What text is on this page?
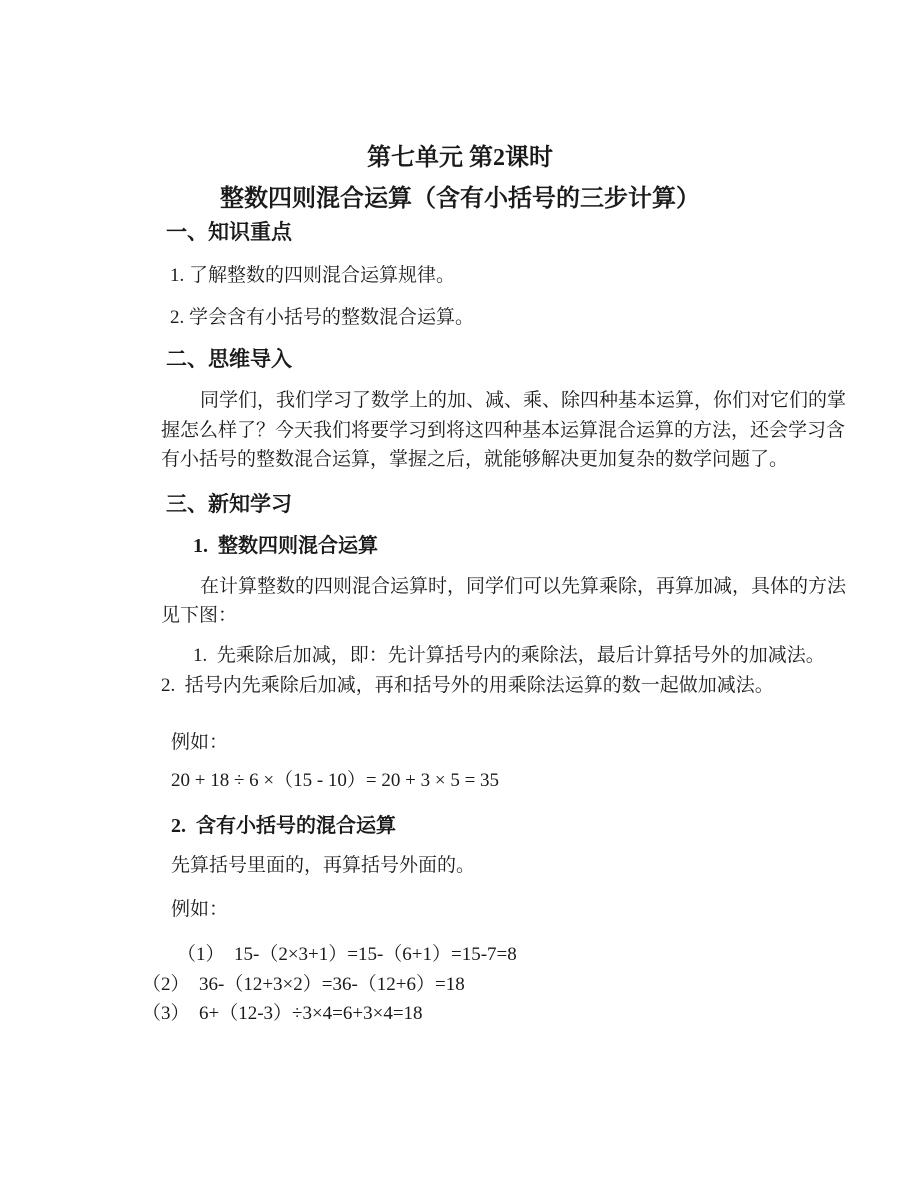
第七单元 第2课时
整数四则混合运算（含有小括号的三步计算）
一、知识重点
1. 了解整数的四则混合运算规律。
2. 学会含有小括号的整数混合运算。
二、思维导入
同学们，我们学习了数学上的加、减、乘、除四种基本运算，你们对它们的掌
握怎么样了？今天我们将要学习到将这四种基本运算混合运算的方法，还会学习含
有小括号的整数混合运算，掌握之后，就能够解决更加复杂的数学问题了。
三、新知学习
1.  整数四则混合运算
在计算整数的四则混合运算时，同学们可以先算乘除，再算加减，具体的方法
见下图：
1.  先乘除后加减，即：先计算括号内的乘除法，最后计算括号外的加减法。
2.  括号内先乘除后加减，再和括号外的用乘除法运算的数一起做加减法。
例如：
20 + 18 ÷ 6 ×（15 - 10）= 20 + 3 × 5 = 35
2.  含有小括号的混合运算
先算括号里面的，再算括号外面的。
例如：
（1）  15-（2×3+1）=15-（6+1）=15-7=8
（2）  36-（12+3×2）=36-（12+6）=18
（3）  6+（12-3）÷3×4=6+3×4=18
